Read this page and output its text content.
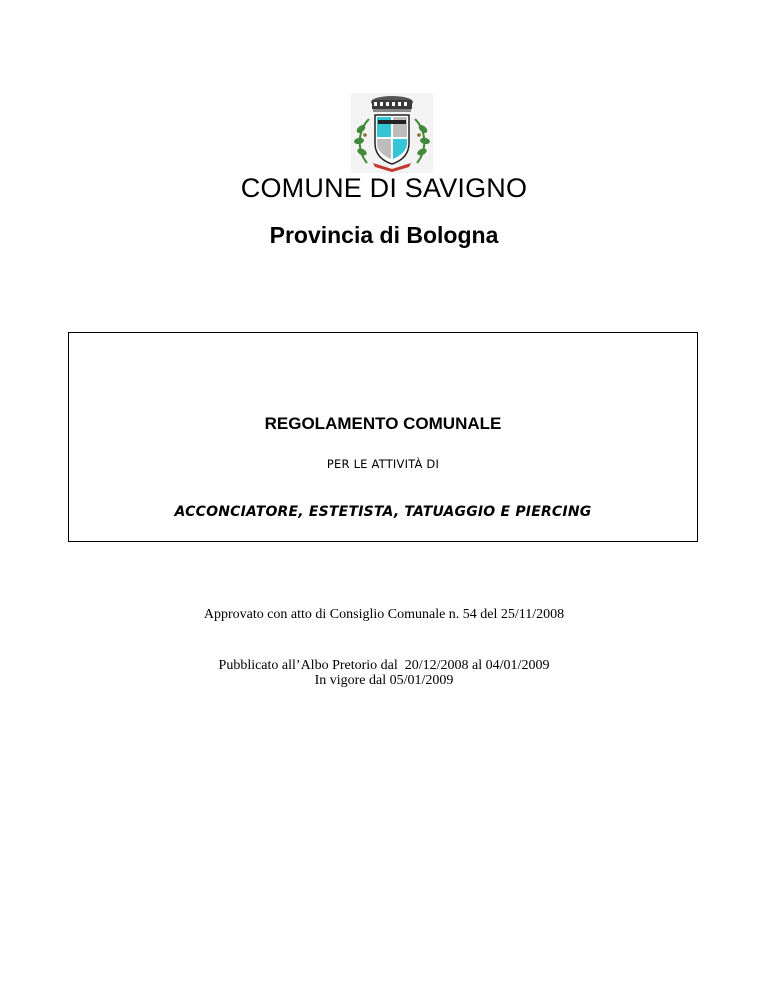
COMUNE DI SAVIGNO
Provincia di Bologna
REGOLAMENTO COMUNALE
PER LE ATTIVITÀ DI
ACCONCIATORE, ESTETISTA, TATUAGGIO E PIERCING
Approvato con atto di Consiglio Comunale n. 54 del 25/11/2008
Pubblicato all’Albo Pretorio dal  20/12/2008 al 04/01/2009
In vigore dal 05/01/2009
